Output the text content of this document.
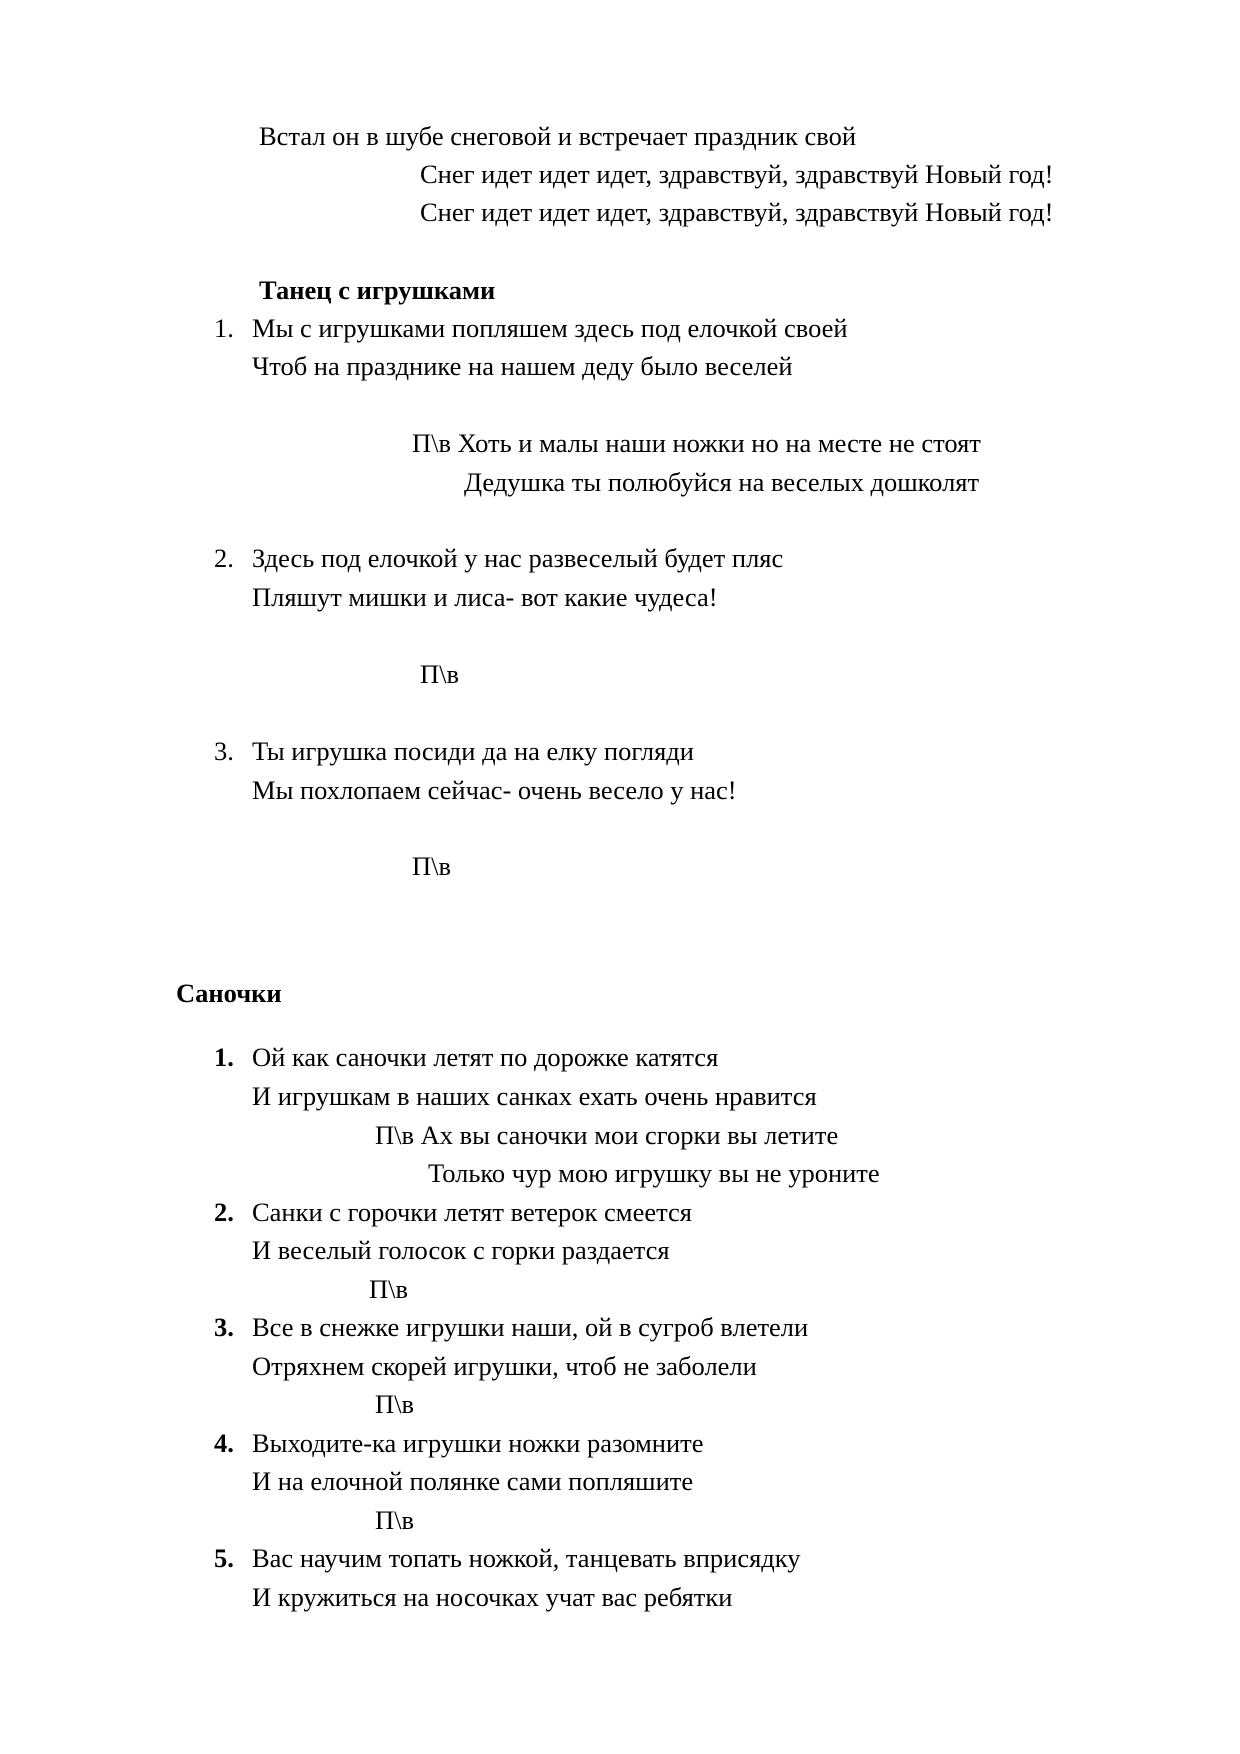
Встал он в шубе снеговой и встречает праздник свой
Снег идет идет идет, здравствуй, здравствуй Новый год!
Снег идет идет идет, здравствуй, здравствуй Новый год!
Танец с игрушками
1. Мы с игрушками попляшем здесь под елочкой своей
Чтоб на празднике на нашем деду было веселей
П\в Хоть и малы наши ножки но на месте не стоят
Дедушка ты полюбуйся на веселых дошколят
2. Здесь под елочкой у нас развеселый будет пляс
Пляшут мишки и лиса- вот какие чудеса!
П\в
3. Ты игрушка посиди да на елку погляди
Мы похлопаем сейчас- очень весело у нас!
П\в
Саночки
1. Ой как саночки летят по дорожке катятся
И игрушкам в наших санках ехать очень нравится
П\в Ах вы саночки мои сгорки вы летите
Только чур мою игрушку вы не уроните
2. Санки с горочки летят ветерок смеется
И веселый голосок с горки раздается
П\в
3. Все в снежке игрушки наши, ой в сугроб влетели
Отряхнем скорей игрушки, чтоб не заболели
П\в
4. Выходите-ка игрушки ножки разомните
И на елочной полянке сами попляшите
П\в
5. Вас научим топать ножкой, танцевать вприсядку
И кружиться на носочках учат вас ребятки
